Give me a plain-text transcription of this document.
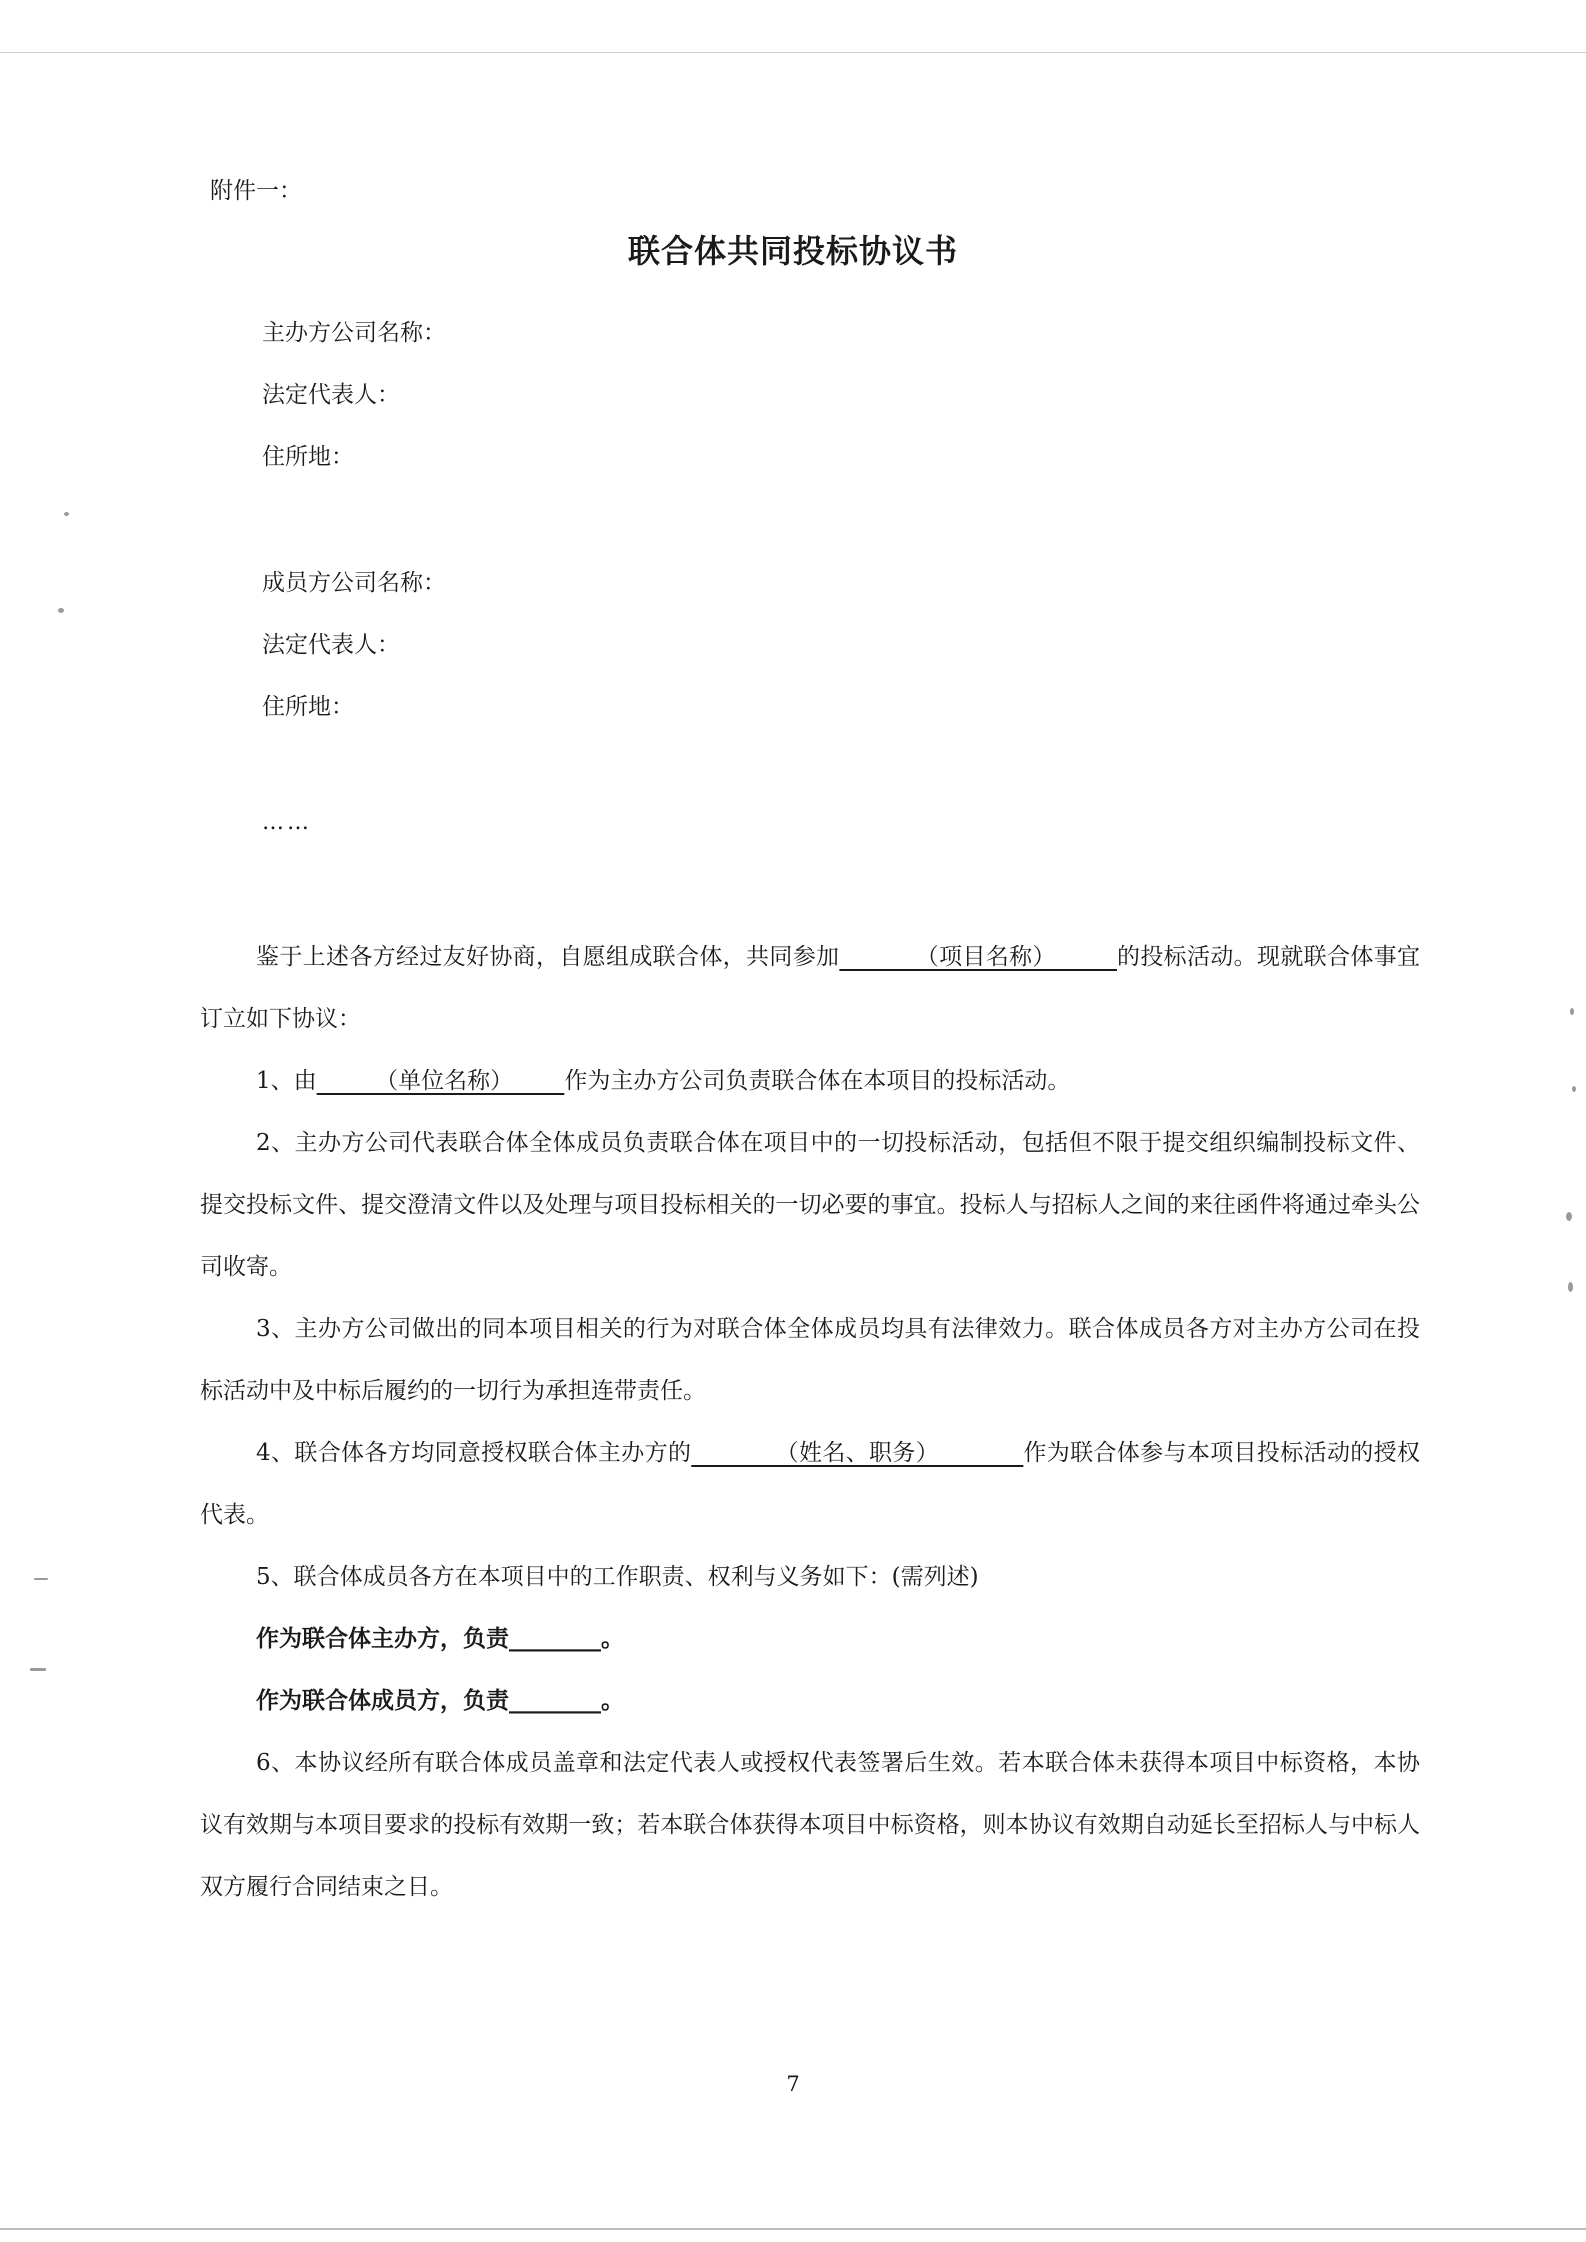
附件一：
联合体共同投标协议书
主办方公司名称：
法定代表人：
住所地：
成员方公司名称：
法定代表人：
住所地：
……

鉴于上述各方经过友好协商，自愿组成联合体，共同参加          （项目名称）        的投标活动。现就联合体事宜订立如下协议：

1、由        （单位名称）       作为主办方公司负责联合体在本项目的投标活动。

2、主办方公司代表联合体全体成员负责联合体在项目中的一切投标活动，包括但不限于提交组织编制投标文件、提交投标文件、提交澄清文件以及处理与项目投标相关的一切必要的事宜。投标人与招标人之间的来往函件将通过牵头公司收寄。

3、主办方公司做出的同本项目相关的行为对联合体全体成员均具有法律效力。联合体成员各方对主办方公司在投标活动中及中标后履约的一切行为承担连带责任。

4、联合体各方均同意授权联合体主办方的           （姓名、职务）           作为联合体参与本项目投标活动的授权代表。

5、联合体成员各方在本项目中的工作职责、权利与义务如下：(需列述)

作为联合体主办方，负责________。

作为联合体成员方，负责________。

6、本协议经所有联合体成员盖章和法定代表人或授权代表签署后生效。若本联合体未获得本项目中标资格，本协议有效期与本项目要求的投标有效期一致；若本联合体获得本项目中标资格，则本协议有效期自动延长至招标人与中标人双方履行合同结束之日。

7
